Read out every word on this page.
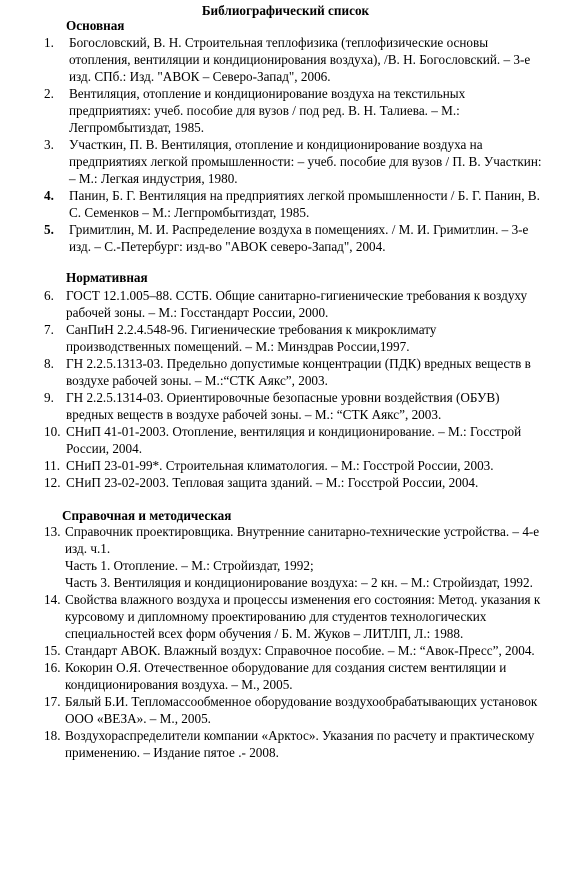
Библиографический список
Основная
1.	Богословский, В. Н. Строительная теплофизика (теплофизические основы отопления, вентиляции и кондиционирования воздуха), /В. Н. Богословский. – 3-е изд. СПб.: Изд. "АВОК – Северо-Запад", 2006.
2.	Вентиляция, отопление и кондиционирование воздуха на текстильных предприятиях: учеб. пособие для вузов / под ред. В. Н. Талиева. – М.: Легпромбытиздат, 1985.
3.	Участкин, П. В. Вентиляция, отопление и кондиционирование воздуха на предприятиях легкой промышленности: – учеб. пособие для вузов / П. В. Участкин: – М.: Легкая индустрия, 1980.
4.	Панин, Б. Г. Вентиляция на предприятиях легкой промышленности / Б. Г. Панин, В. С. Семенков – М.: Легпромбытиздат, 1985.
5.	Гримитлин, М. И. Распределение воздуха в помещениях. / М. И. Гримитлин. – 3-е изд. – С.-Петербург: изд-во "АВОК северо-Запад", 2004.
Нормативная
6. ГОСТ 12.1.005–88. ССТБ. Общие санитарно-гигиенические требования к воздуху рабочей зоны. – М.: Госстандарт России, 2000.
7. СанПиН 2.2.4.548-96. Гигиенические требования к микроклимату производственных помещений. – М.: Минздрав России,1997.
8. ГН 2.2.5.1313-03. Предельно допустимые концентрации (ПДК) вредных веществ в воздухе рабочей зоны. – М.:“СТК Аякс”, 2003.
9. ГН 2.2.5.1314-03. Ориентировочные безопасные уровни воздействия (ОБУВ) вредных веществ в воздухе рабочей зоны. – М.: “СТК Аякс”, 2003.
10. СНиП 41-01-2003. Отопление, вентиляция и кондиционирование. – М.: Госстрой России, 2004.
11. СНиП 23-01-99*. Строительная климатология. – М.: Госстрой России, 2003.
12. СНиП 23-02-2003. Тепловая защита зданий. – М.: Госстрой России, 2004.
Справочная и методическая
13. Справочник проектировщика. Внутренние санитарно-технические устройства. – 4-е изд. ч.1.
Часть 1. Отопление. – М.: Стройиздат, 1992;
Часть 3. Вентиляция и кондиционирование воздуха: – 2 кн. – М.: Стройиздат, 1992.
14. Свойства влажного воздуха и процессы изменения его состояния: Метод. указания к курсовому и дипломному проектированию для студентов технологических специальностей всех форм обучения / Б. М. Жуков – ЛИТЛП, Л.: 1988.
15. Стандарт АВОК. Влажный воздух: Справочное пособие. – М.: “Авок-Пресс”, 2004.
16. Кокорин О.Я. Отечественное оборудование для создания систем вентиляции и кондиционирования воздуха. – М., 2005.
17. Бялый Б.И. Тепломассообменное оборудование воздухообрабатывающих установок ООО «ВЕЗА». – М., 2005.
18. Воздухораспределители компании «Арктос». Указания по расчету и практическому применению. – Издание пятое .- 2008.
